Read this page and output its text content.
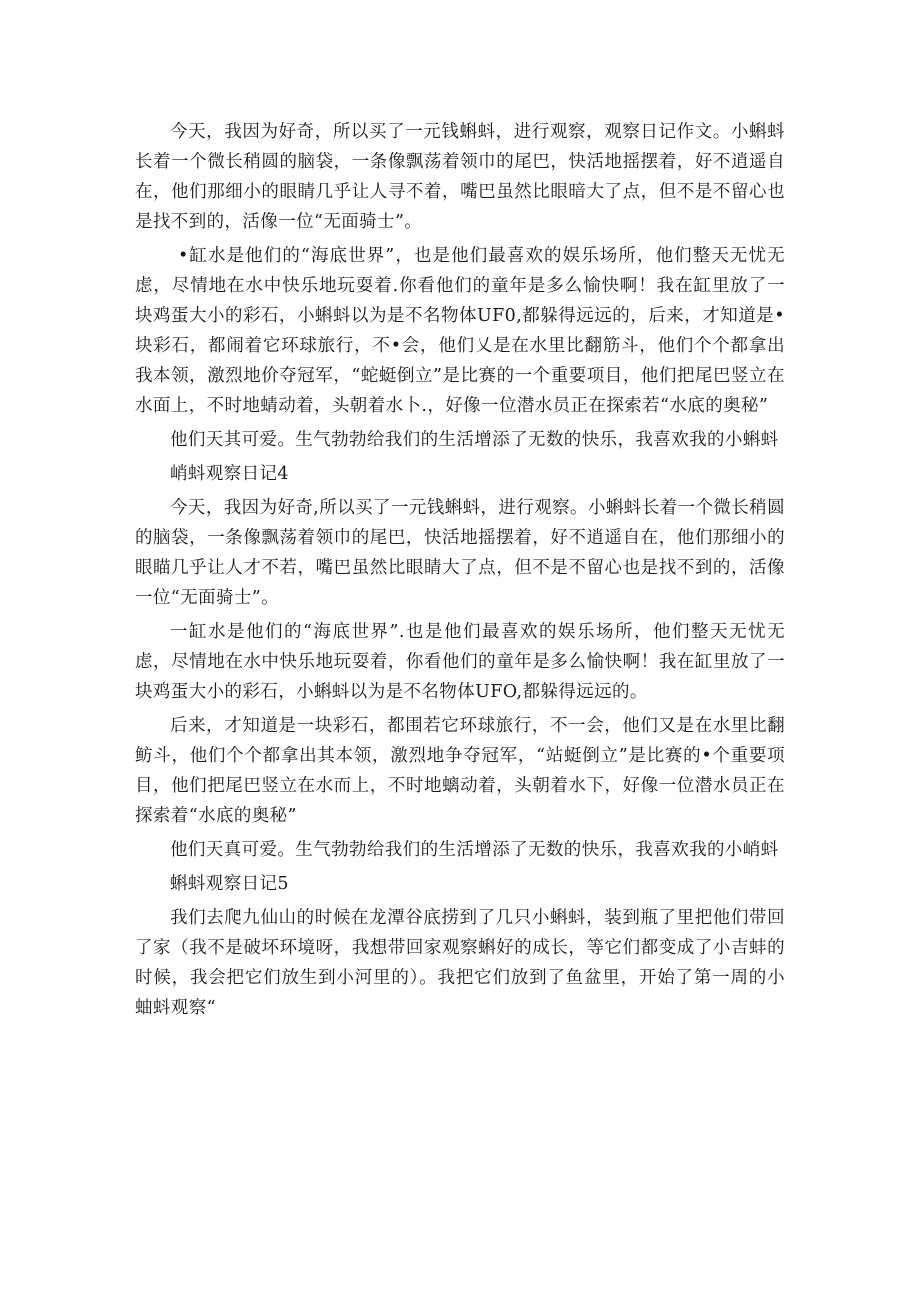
今天，我因为好奇，所以买了一元钱蝌蚪，进行观察，观察日记作文。小蝌蚪长着一个微长稍圆的脑袋，一条像飘荡着领巾的尾巴，快活地摇摆着，好不逍遥自在，他们那细小的眼睛几乎让人寻不着，嘴巴虽然比眼暗大了点，但不是不留心也是找不到的，活像一位“无面骑士”。

•缸水是他们的“海底世界”，也是他们最喜欢的娱乐场所，他们整天无忧无虑，尽情地在水中快乐地玩耍着.你看他们的童年是多么愉快啊！我在缸里放了一块鸡蛋大小的彩石，小蝌蚪以为是不名物体UF0,都躲得远远的，后来，才知道是•块彩石，都闹着它环球旅行，不•会，他们乂是在水里比翻筋斗，他们个个都拿出我本领，激烈地价夺冠军，“蛇蜓倒立”是比赛的一个重要项目，他们把尾巴竖立在水面上，不时地蜻动着，头朝着水卜.，好像一位潜水员正在探索若“水底的奥秘”

他们天其可爱。生气勃勃给我们的生活增添了无数的快乐，我喜欢我的小蝌蚪

峭蚪观察日记4

今天，我因为好奇,所以买了一元钱蝌蚪，进行观察。小蝌蚪长着一个微长稍圆的脑袋，一条像飘荡着领巾的尾巴，快活地摇摆着，好不逍遥自在，他们那细小的眼瞄几乎让人才不若，嘴巴虽然比眼睛大了点，但不是不留心也是找不到的，活像一位“无面骑士”。

一缸水是他们的“海底世界”.也是他们最喜欢的娱乐场所，他们整天无忧无虑，尽情地在水中快乐地玩耍着，你看他们的童年是多么愉快啊！我在缸里放了一块鸡蛋大小的彩石，小蝌蚪以为是不名物体UFO,都躲得远远的。

后来，才知道是一块彩石，都围若它环球旅行，不一会，他们又是在水里比翻鲂斗，他们个个都拿出其本领，激烈地争夺冠军，“站蜓倒立”是比赛的•个重要项目，他们把尾巴竖立在水而上，不时地螭动着，头朝着水下，好像一位潜水员正在探索着“水底的奥秘”

他们天真可爱。生气勃勃给我们的生活增添了无数的快乐，我喜欢我的小峭蚪

蝌蚪观察日记5

我们去爬九仙山的时候在龙潭谷底捞到了几只小蝌蚪，装到瓶了里把他们带回了家（我不是破坏环境呀，我想带回家观察蝌好的成长，等它们都变成了小吉蚌的时候，我会把它们放生到小河里的）。我把它们放到了鱼盆里，开始了第一周的小蚰蚪观察“
